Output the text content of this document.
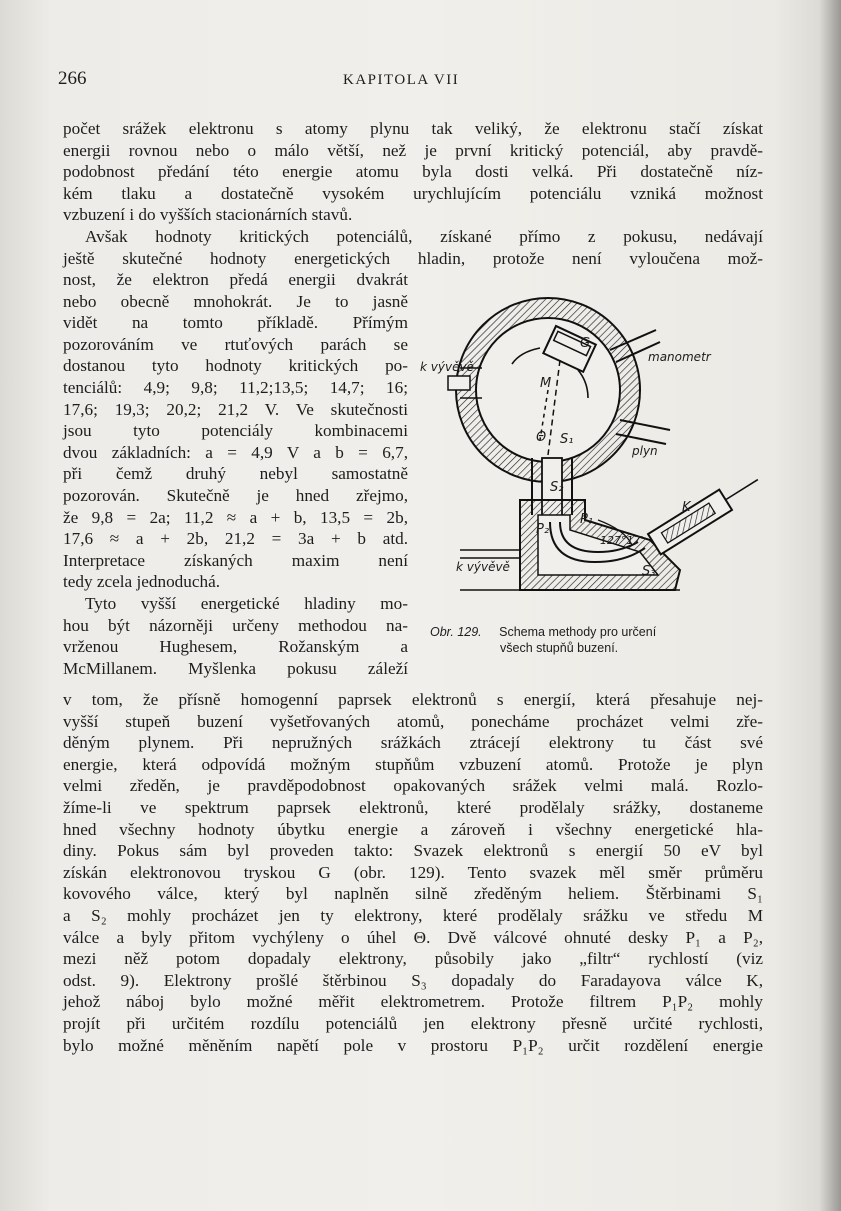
266	KAPITOLA VII
počet srážek elektronu s atomy plynu tak veliký, že elektronu stačí získat
energii rovnou nebo o málo větší, než je první kritický potenciál, aby pravdě-
podobnost předání této energie atomu byla dosti velká. Při dostatečně níz-
kém tlaku a dostatečně vysokém urychlujícím potenciálu vzniká možnost
vzbuzení i do vyšších stacionárních stavů.
Avšak hodnoty kritických potenciálů, získané přímo z pokusu, nedávají
ještě skutečné hodnoty energetických hladin, protože není vyloučena mož-
nost, že elektron předá energii dvakrát
nebo obecně mnohokrát. Je to jasně
vidět na tomto příkladě. Přímým
pozorováním ve rtuťových parách se
dostanou tyto hodnoty kritických po-
tenciálů: 4,9; 9,8; 11,2;13,5; 14,7; 16;
17,6; 19,3; 20,2; 21,2 V. Ve skutečnosti
jsou tyto potenciály kombinacemi
dvou základních: a = 4,9 V a b = 6,7,
při čemž druhý nebyl samostatně
pozorován. Skutečně je hned zřejmo,
že 9,8 = 2a; 11,2 ≈ a + b, 13,5 = 2b,
17,6 ≈ a + 2b, 21,2 = 3a + b atd.
Interpretace získaných maxim není
tedy zcela jednoduchá.
Tyto vyšší energetické hladiny mo-
hou být názorněji určeny methodou na-
vrženou Hughesem, Rožanským a
McMillanem. Myšlenka pokusu záleží
k vývěvě
manometr
plyn
k vývěvě
G
M
Θ S₁
S₂
S₃
P₂
P₁
K
127°17'
Obr. 129. Schema methody pro určení
všech stupňů buzení.
v tom, že přísně homogenní paprsek elektronů s energií, která přesahuje nej-
vyšší stupeň buzení vyšetřovaných atomů, ponecháme procházet velmi zře-
děným plynem. Při nepružných srážkách ztrácejí elektrony tu část své
energie, která odpovídá možným stupňům vzbuzení atomů. Protože je plyn
velmi zředěn, je pravděpodobnost opakovaných srážek velmi malá. Rozlo-
žíme-li ve spektrum paprsek elektronů, které prodělaly srážky, dostaneme
hned všechny hodnoty úbytku energie a zároveň i všechny energetické hla-
diny. Pokus sám byl proveden takto: Svazek elektronů s energií 50 eV byl
získán elektronovou tryskou G (obr. 129). Tento svazek měl směr průměru
kovového válce, který byl naplněn silně zředěným heliem. Štěrbinami S₁
a S₂ mohly procházet jen ty elektrony, které prodělaly srážku ve středu M
válce a byly přitom vychýleny o úhel Θ. Dvě válcové ohnuté desky P₁ a P₂,
mezi něž potom dopadaly elektrony, působily jako „filtr“ rychlostí (viz
odst. 9). Elektrony prošlé štěrbinou S₃ dopadaly do Faradayova válce K,
jehož náboj bylo možné měřit elektrometrem. Protože filtrem P₁P₂ mohly
projít při určitém rozdílu potenciálů jen elektrony přesně určité rychlosti,
bylo možné měněním napětí pole v prostoru P₁P₂ určit rozdělení energie
